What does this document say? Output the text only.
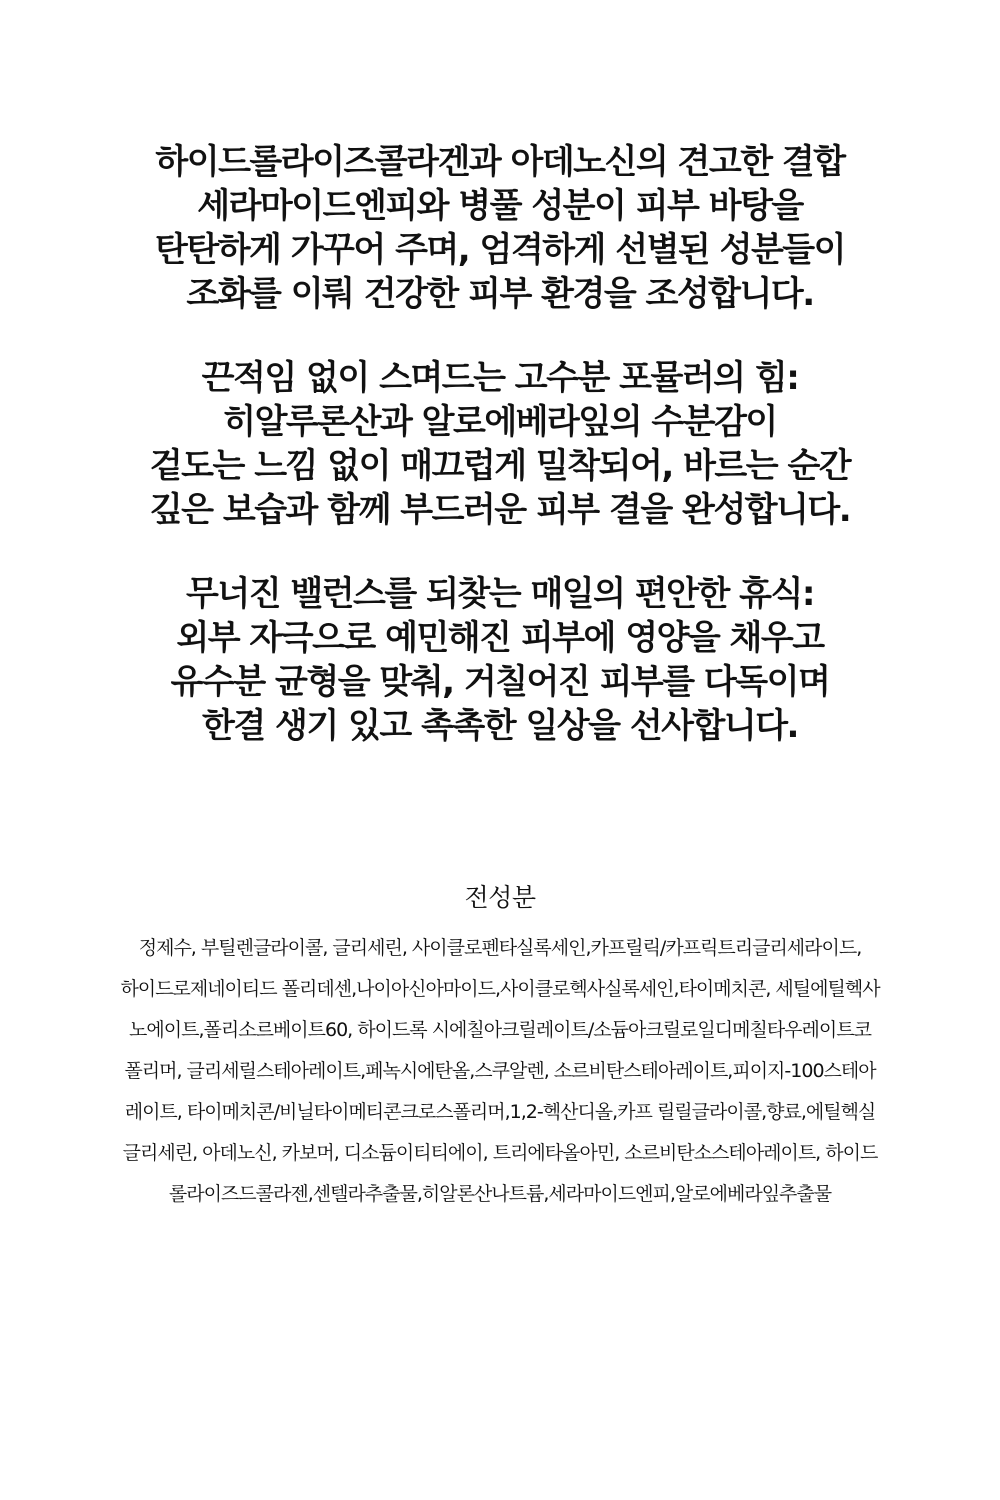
하이드롤라이즈콜라겐과 아데노신의 견고한 결합
세라마이드엔피와 병풀 성분이 피부 바탕을
탄탄하게 가꾸어 주며, 엄격하게 선별된 성분들이
조화를 이뤄 건강한 피부 환경을 조성합니다.
끈적임 없이 스며드는 고수분 포뮬러의 힘:
히알루론산과 알로에베라잎의 수분감이
겉도는 느낌 없이 매끄럽게 밀착되어, 바르는 순간
깊은 보습과 함께 부드러운 피부 결을 완성합니다.
무너진 밸런스를 되찾는 매일의 편안한 휴식:
외부 자극으로 예민해진 피부에 영양을 채우고
유수분 균형을 맞춰, 거칠어진 피부를 다독이며
한결 생기 있고 촉촉한 일상을 선사합니다.
전성분
정제수, 부틸렌글라이콜, 글리세린, 사이클로펜타실록세인,카프릴릭/카프릭트리글리세라이드,
하이드로제네이티드 폴리데센,나이아신아마이드,사이클로헥사실록세인,타이메치콘, 세틸에틸헥사
노에이트,폴리소르베이트60, 하이드록 시에칠아크릴레이트/소듐아크릴로일디메칠타우레이트코
폴리머, 글리세릴스테아레이트,페녹시에탄올,스쿠알렌, 소르비탄스테아레이트,피이지-100스테아
레이트, 타이메치콘/비닐타이메티콘크로스폴리머,1,2-헥산디올,카프 릴릴글라이콜,향료,에틸헥실
글리세린, 아데노신, 카보머, 디소듐이티티에이, 트리에타올아민, 소르비탄소스테아레이트, 하이드
롤라이즈드콜라젠,센텔라추출물,히알론산나트륨,세라마이드엔피,알로에베라잎추출물
